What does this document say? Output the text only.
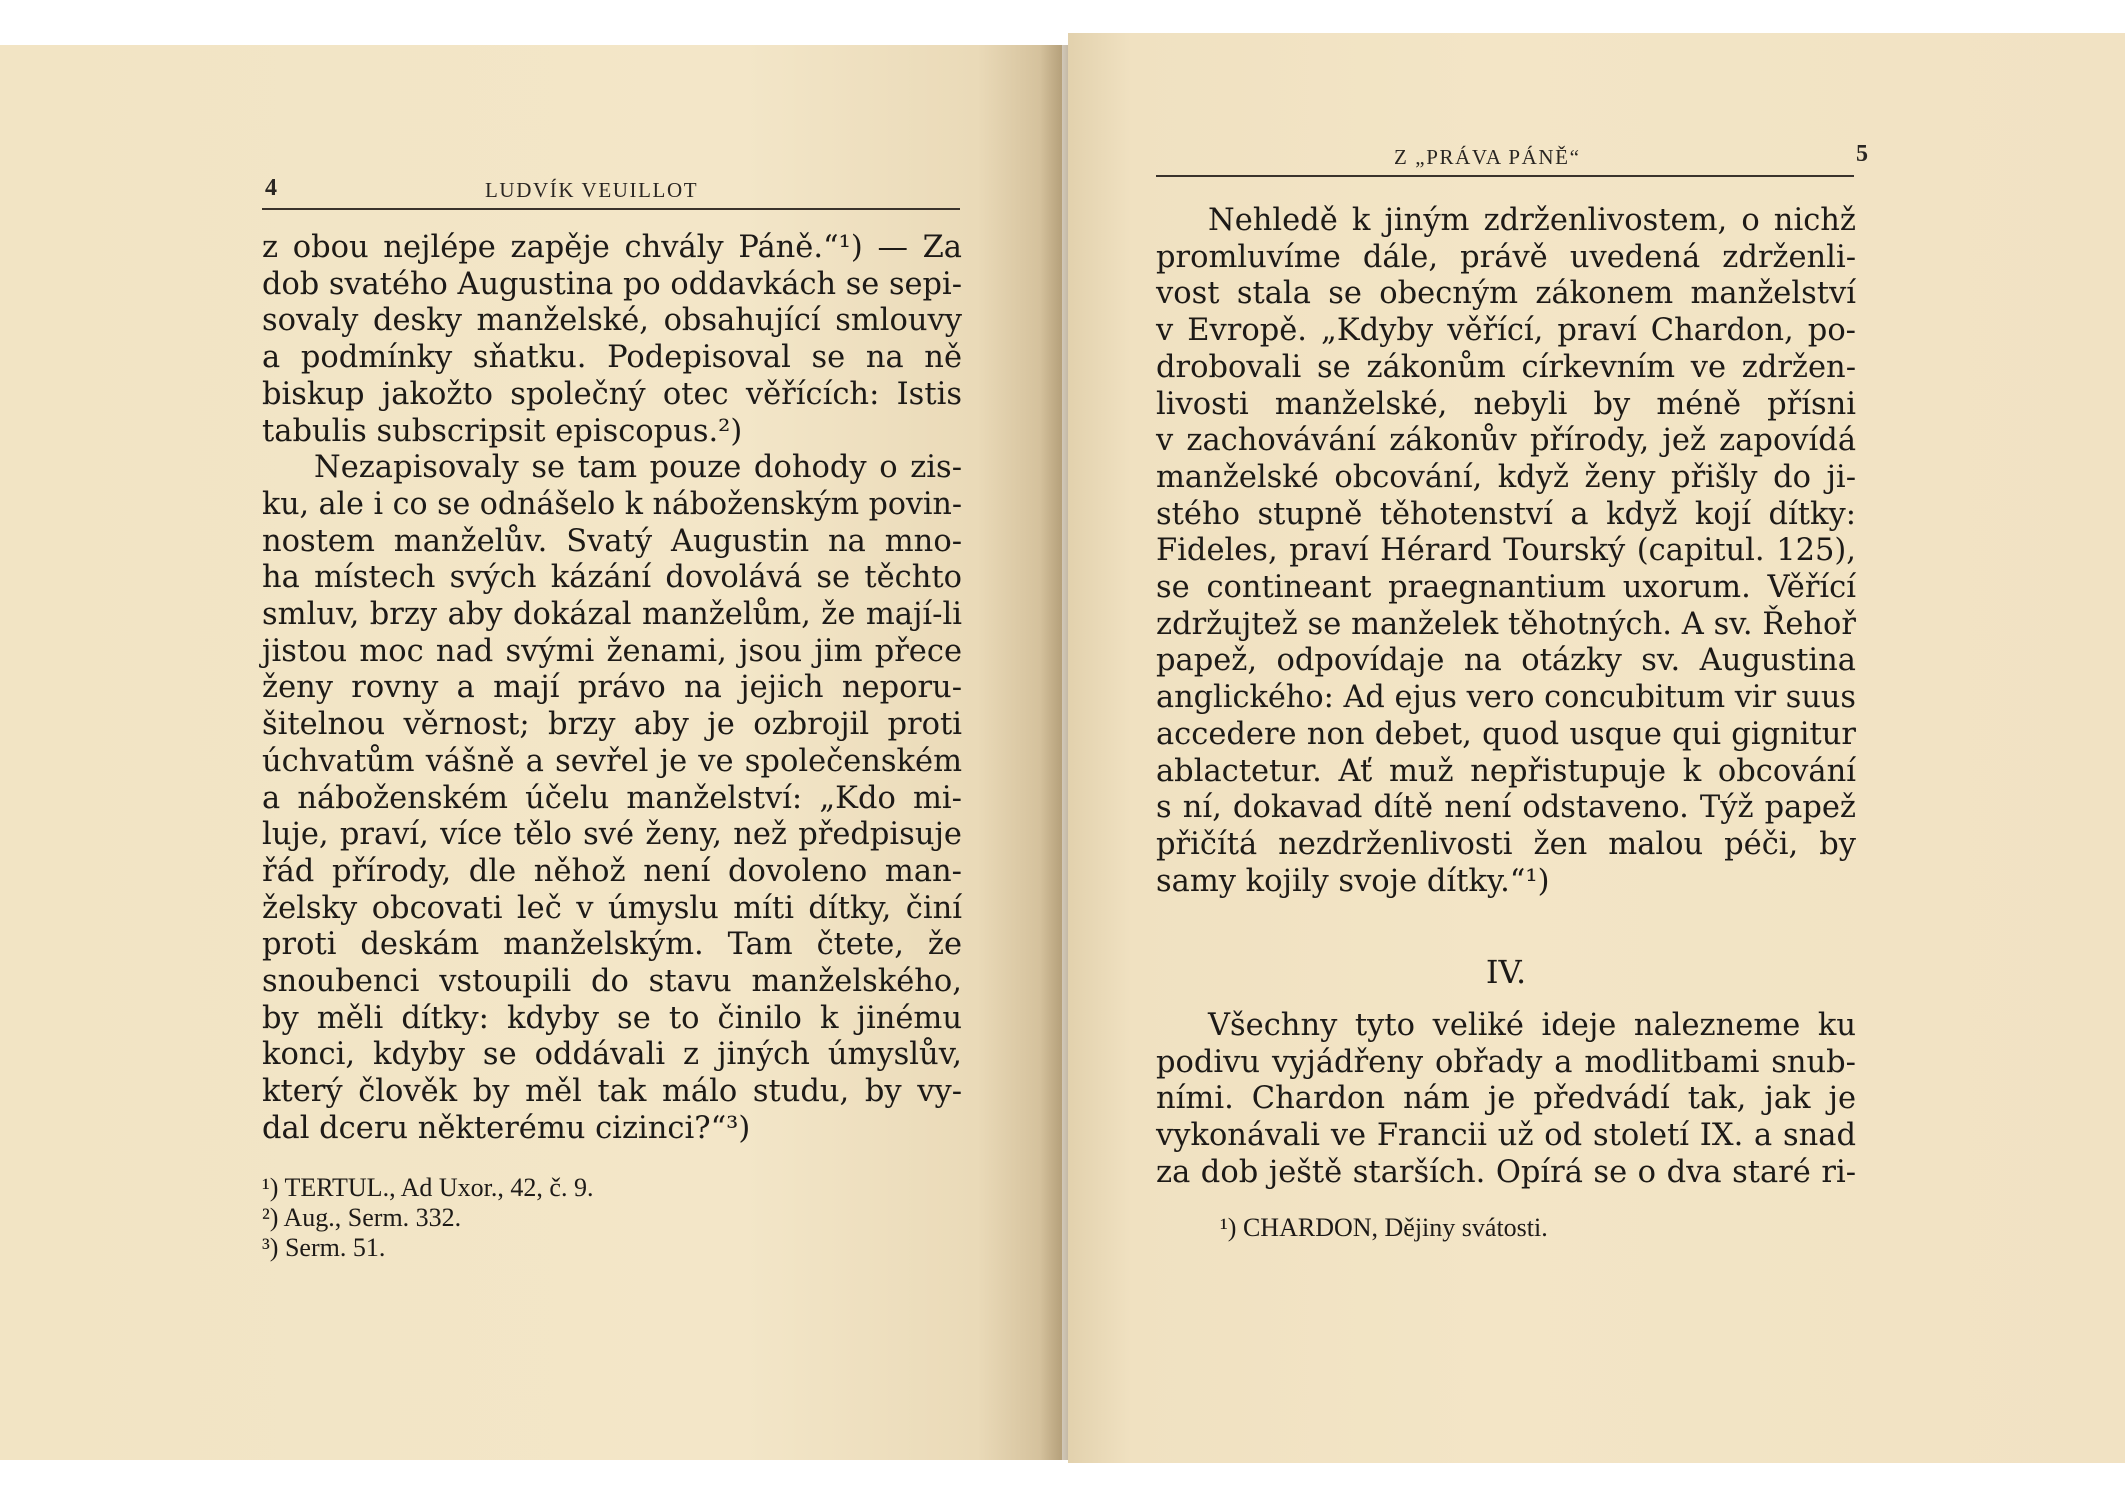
4	LUDVÍK VEUILLOT
z obou nejlépe zapěje chvály Páně.“¹) — Za
dob svatého Augustina po oddavkách se sepi-
sovaly desky manželské, obsahující smlouvy
a podmínky sňatku. Podepisoval se na ně
biskup jakožto společný otec věřících: Istis
tabulis subscripsit episcopus.²)
Nezapisovaly se tam pouze dohody o zis-
ku, ale i co se odnášelo k náboženským povin-
nostem manželův. Svatý Augustin na mno-
ha místech svých kázání dovolává se těchto
smluv, brzy aby dokázal manželům, že mají-li
jistou moc nad svými ženami, jsou jim přece
ženy rovny a mají právo na jejich neporu-
šitelnou věrnost; brzy aby je ozbrojil proti
úchvatům vášně a sevřel je ve společenském
a náboženském účelu manželství: „Kdo mi-
luje, praví, více tělo své ženy, než předpisuje
řád přírody, dle něhož není dovoleno man-
želsky obcovati leč v úmyslu míti dítky, činí
proti deskám manželským. Tam čtete, že
snoubenci vstoupili do stavu manželského,
by měli dítky: kdyby se to činilo k jinému
konci, kdyby se oddávali z jiných úmyslův,
který člověk by měl tak málo studu, by vy-
dal dceru některému cizinci?“³)
¹) TERTUL., Ad Uxor., 42, č. 9.
²) Aug., Serm. 332.
³) Serm. 51.
Z „PRÁVA PÁNĚ“	5
Nehledě k jiným zdrženlivostem, o nichž
promluvíme dále, právě uvedená zdrženli-
vost stala se obecným zákonem manželství
v Evropě. „Kdyby věřící, praví Chardon, po-
drobovali se zákonům církevním ve zdržen-
livosti manželské, nebyli by méně přísni
v zachovávání zákonův přírody, jež zapovídá
manželské obcování, když ženy přišly do ji-
stého stupně těhotenství a když kojí dítky:
Fideles, praví Hérard Tourský (capitul. 125),
se contineant praegnantium uxorum. Věřící
zdržujtež se manželek těhotných. A sv. Řehoř
papež, odpovídaje na otázky sv. Augustina
anglického: Ad ejus vero concubitum vir suus
accedere non debet, quod usque qui gignitur
ablactetur. Ať muž nepřistupuje k obcování
s ní, dokavad dítě není odstaveno. Týž papež
přičítá nezdrženlivosti žen malou péči, by
samy kojily svoje dítky.“¹)
IV.
Všechny tyto veliké ideje nalezneme ku
podivu vyjádřeny obřady a modlitbami snub-
ními. Chardon nám je předvádí tak, jak je
vykonávali ve Francii už od století IX. a snad
za dob ještě starších. Opírá se o dva staré ri-
¹) CHARDON, Dějiny svátosti.
